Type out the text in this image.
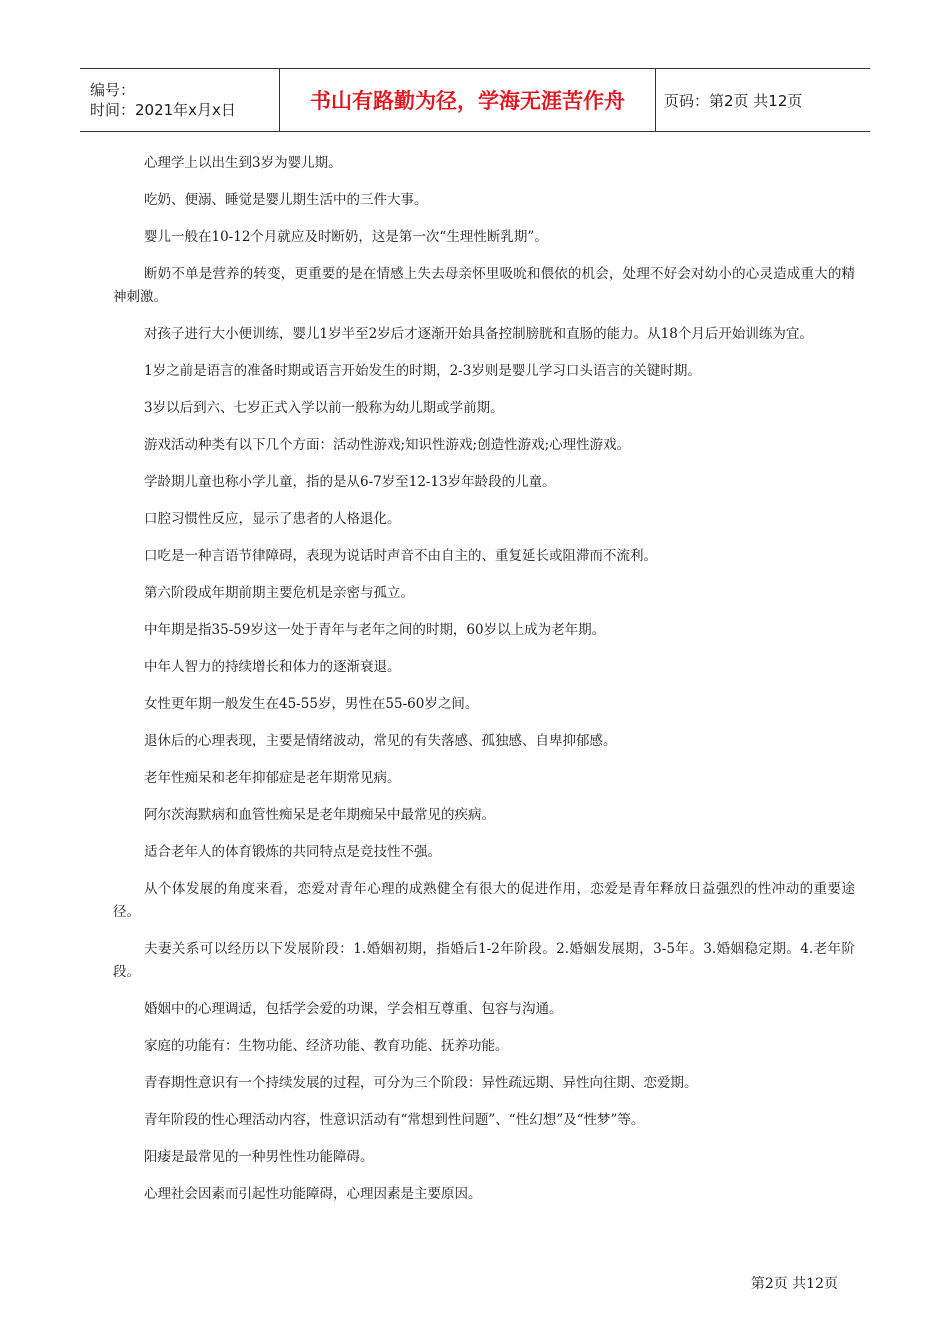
编号：
时间：2021年x月x日	书山有路勤为径，学海无涯苦作舟	页码：第2页 共12页

心理学上以出生到3岁为婴儿期。

吃奶、便溺、睡觉是婴儿期生活中的三件大事。

婴儿一般在10-12个月就应及时断奶，这是第一次“生理性断乳期”。

断奶不单是营养的转变，更重要的是在情感上失去母亲怀里吸吮和偎依的机会，处理不好会对幼小的心灵造成重大的精神刺激。

对孩子进行大小便训练，婴儿1岁半至2岁后才逐渐开始具备控制膀胱和直肠的能力。从18个月后开始训练为宜。

1岁之前是语言的准备时期或语言开始发生的时期，2-3岁则是婴儿学习口头语言的关键时期。

3岁以后到六、七岁正式入学以前一般称为幼儿期或学前期。

游戏活动种类有以下几个方面：活动性游戏;知识性游戏;创造性游戏;心理性游戏。

学龄期儿童也称小学儿童，指的是从6-7岁至12-13岁年龄段的儿童。

口腔习惯性反应，显示了患者的人格退化。

口吃是一种言语节律障碍，表现为说话时声音不由自主的、重复延长或阻滞而不流利。

第六阶段成年期前期主要危机是亲密与孤立。

中年期是指35-59岁这一处于青年与老年之间的时期，60岁以上成为老年期。

中年人智力的持续增长和体力的逐渐衰退。

女性更年期一般发生在45-55岁，男性在55-60岁之间。

退休后的心理表现，主要是情绪波动，常见的有失落感、孤独感、自卑抑郁感。

老年性痴呆和老年抑郁症是老年期常见病。

阿尔茨海默病和血管性痴呆是老年期痴呆中最常见的疾病。

适合老年人的体育锻炼的共同特点是竞技性不强。

从个体发展的角度来看，恋爱对青年心理的成熟健全有很大的促进作用，恋爱是青年释放日益强烈的性冲动的重要途径。

夫妻关系可以经历以下发展阶段：1.婚姻初期，指婚后1-2年阶段。2.婚姻发展期，3-5年。3.婚姻稳定期。4.老年阶段。

婚姻中的心理调适，包括学会爱的功课，学会相互尊重、包容与沟通。

家庭的功能有：生物功能、经济功能、教育功能、抚养功能。

青春期性意识有一个持续发展的过程，可分为三个阶段：异性疏远期、异性向往期、恋爱期。

青年阶段的性心理活动内容，性意识活动有“常想到性问题”、“性幻想”及“性梦”等。

阳痿是最常见的一种男性性功能障碍。

心理社会因素而引起性功能障碍，心理因素是主要原因。

第2页 共12页
